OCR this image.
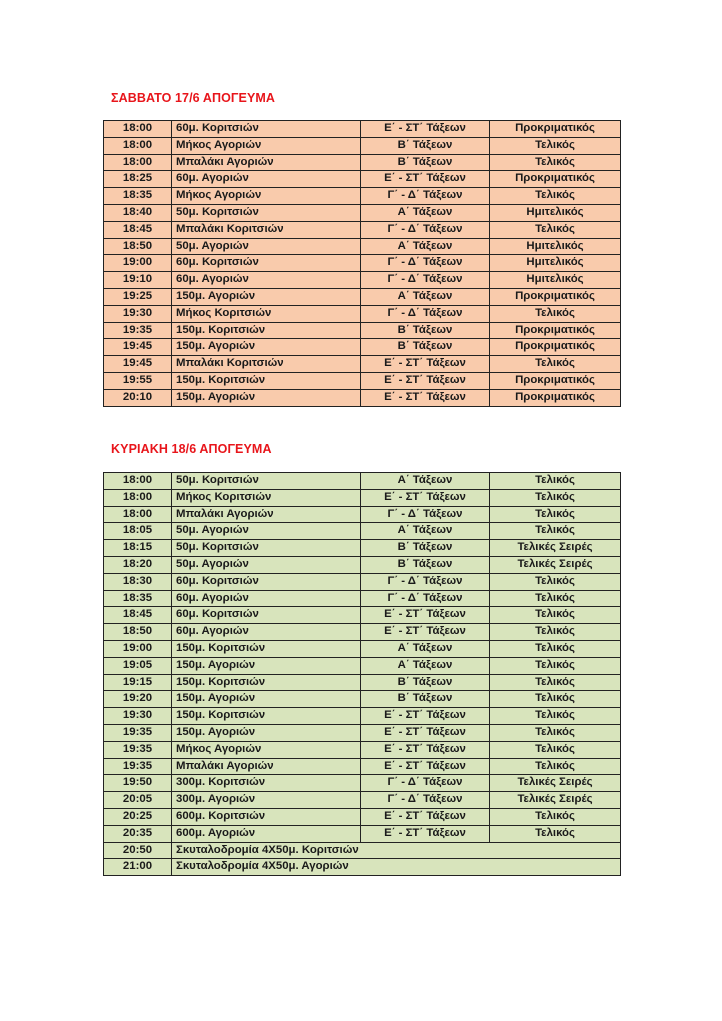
ΣΑΒΒΑΤΟ 17/6 ΑΠΟΓΕΥΜΑ
18:00	60μ. Κοριτσιών	Ε΄ - ΣΤ΄ Τάξεων	Προκριματικός
18:00	Μήκος Αγοριών	Β΄ Τάξεων	Τελικός
18:00	Μπαλάκι Αγοριών	Β΄ Τάξεων	Τελικός
18:25	60μ. Αγοριών	Ε΄ - ΣΤ΄ Τάξεων	Προκριματικός
18:35	Μήκος Αγοριών	Γ΄ - Δ΄ Τάξεων	Τελικός
18:40	50μ. Κοριτσιών	Α΄ Τάξεων	Ημιτελικός
18:45	Μπαλάκι Κοριτσιών	Γ΄ - Δ΄ Τάξεων	Τελικός
18:50	50μ. Αγοριών	Α΄ Τάξεων	Ημιτελικός
19:00	60μ. Κοριτσιών	Γ΄ - Δ΄ Τάξεων	Ημιτελικός
19:10	60μ. Αγοριών	Γ΄ - Δ΄ Τάξεων	Ημιτελικός
19:25	150μ. Αγοριών	Α΄ Τάξεων	Προκριματικός
19:30	Μήκος Κοριτσιών	Γ΄ - Δ΄ Τάξεων	Τελικός
19:35	150μ. Κοριτσιών	Β΄ Τάξεων	Προκριματικός
19:45	150μ. Αγοριών	Β΄ Τάξεων	Προκριματικός
19:45	Μπαλάκι Κοριτσιών	Ε΄ - ΣΤ΄ Τάξεων	Τελικός
19:55	150μ. Κοριτσιών	Ε΄ - ΣΤ΄ Τάξεων	Προκριματικός
20:10	150μ. Αγοριών	Ε΄ - ΣΤ΄ Τάξεων	Προκριματικός
ΚΥΡΙΑΚΗ 18/6 ΑΠΟΓΕΥΜΑ
18:00	50μ. Κοριτσιών	Α΄ Τάξεων	Τελικός
18:00	Μήκος Κοριτσιών	Ε΄ - ΣΤ΄ Τάξεων	Τελικός
18:00	Μπαλάκι Αγοριών	Γ΄ - Δ΄ Τάξεων	Τελικός
18:05	50μ. Αγοριών	Α΄ Τάξεων	Τελικός
18:15	50μ. Κοριτσιών	Β΄ Τάξεων	Τελικές Σειρές
18:20	50μ. Αγοριών	Β΄ Τάξεων	Τελικές Σειρές
18:30	60μ. Κοριτσιών	Γ΄ - Δ΄ Τάξεων	Τελικός
18:35	60μ. Αγοριών	Γ΄ - Δ΄ Τάξεων	Τελικός
18:45	60μ. Κοριτσιών	Ε΄ - ΣΤ΄ Τάξεων	Τελικός
18:50	60μ. Αγοριών	Ε΄ - ΣΤ΄ Τάξεων	Τελικός
19:00	150μ. Κοριτσιών	Α΄ Τάξεων	Τελικός
19:05	150μ. Αγοριών	Α΄ Τάξεων	Τελικός
19:15	150μ. Κοριτσιών	Β΄ Τάξεων	Τελικός
19:20	150μ. Αγοριών	Β΄ Τάξεων	Τελικός
19:30	150μ. Κοριτσιών	Ε΄ - ΣΤ΄ Τάξεων	Τελικός
19:35	150μ. Αγοριών	Ε΄ - ΣΤ΄ Τάξεων	Τελικός
19:35	Μήκος Αγοριών	Ε΄ - ΣΤ΄ Τάξεων	Τελικός
19:35	Μπαλάκι Αγοριών	Ε΄ - ΣΤ΄ Τάξεων	Τελικός
19:50	300μ. Κοριτσιών	Γ΄ - Δ΄ Τάξεων	Τελικές Σειρές
20:05	300μ. Αγοριών	Γ΄ - Δ΄ Τάξεων	Τελικές Σειρές
20:25	600μ. Κοριτσιών	Ε΄ - ΣΤ΄ Τάξεων	Τελικός
20:35	600μ. Αγοριών	Ε΄ - ΣΤ΄ Τάξεων	Τελικός
20:50	Σκυταλοδρομία 4Χ50μ. Κοριτσιών		
21:00	Σκυταλοδρομία 4Χ50μ. Αγοριών		
